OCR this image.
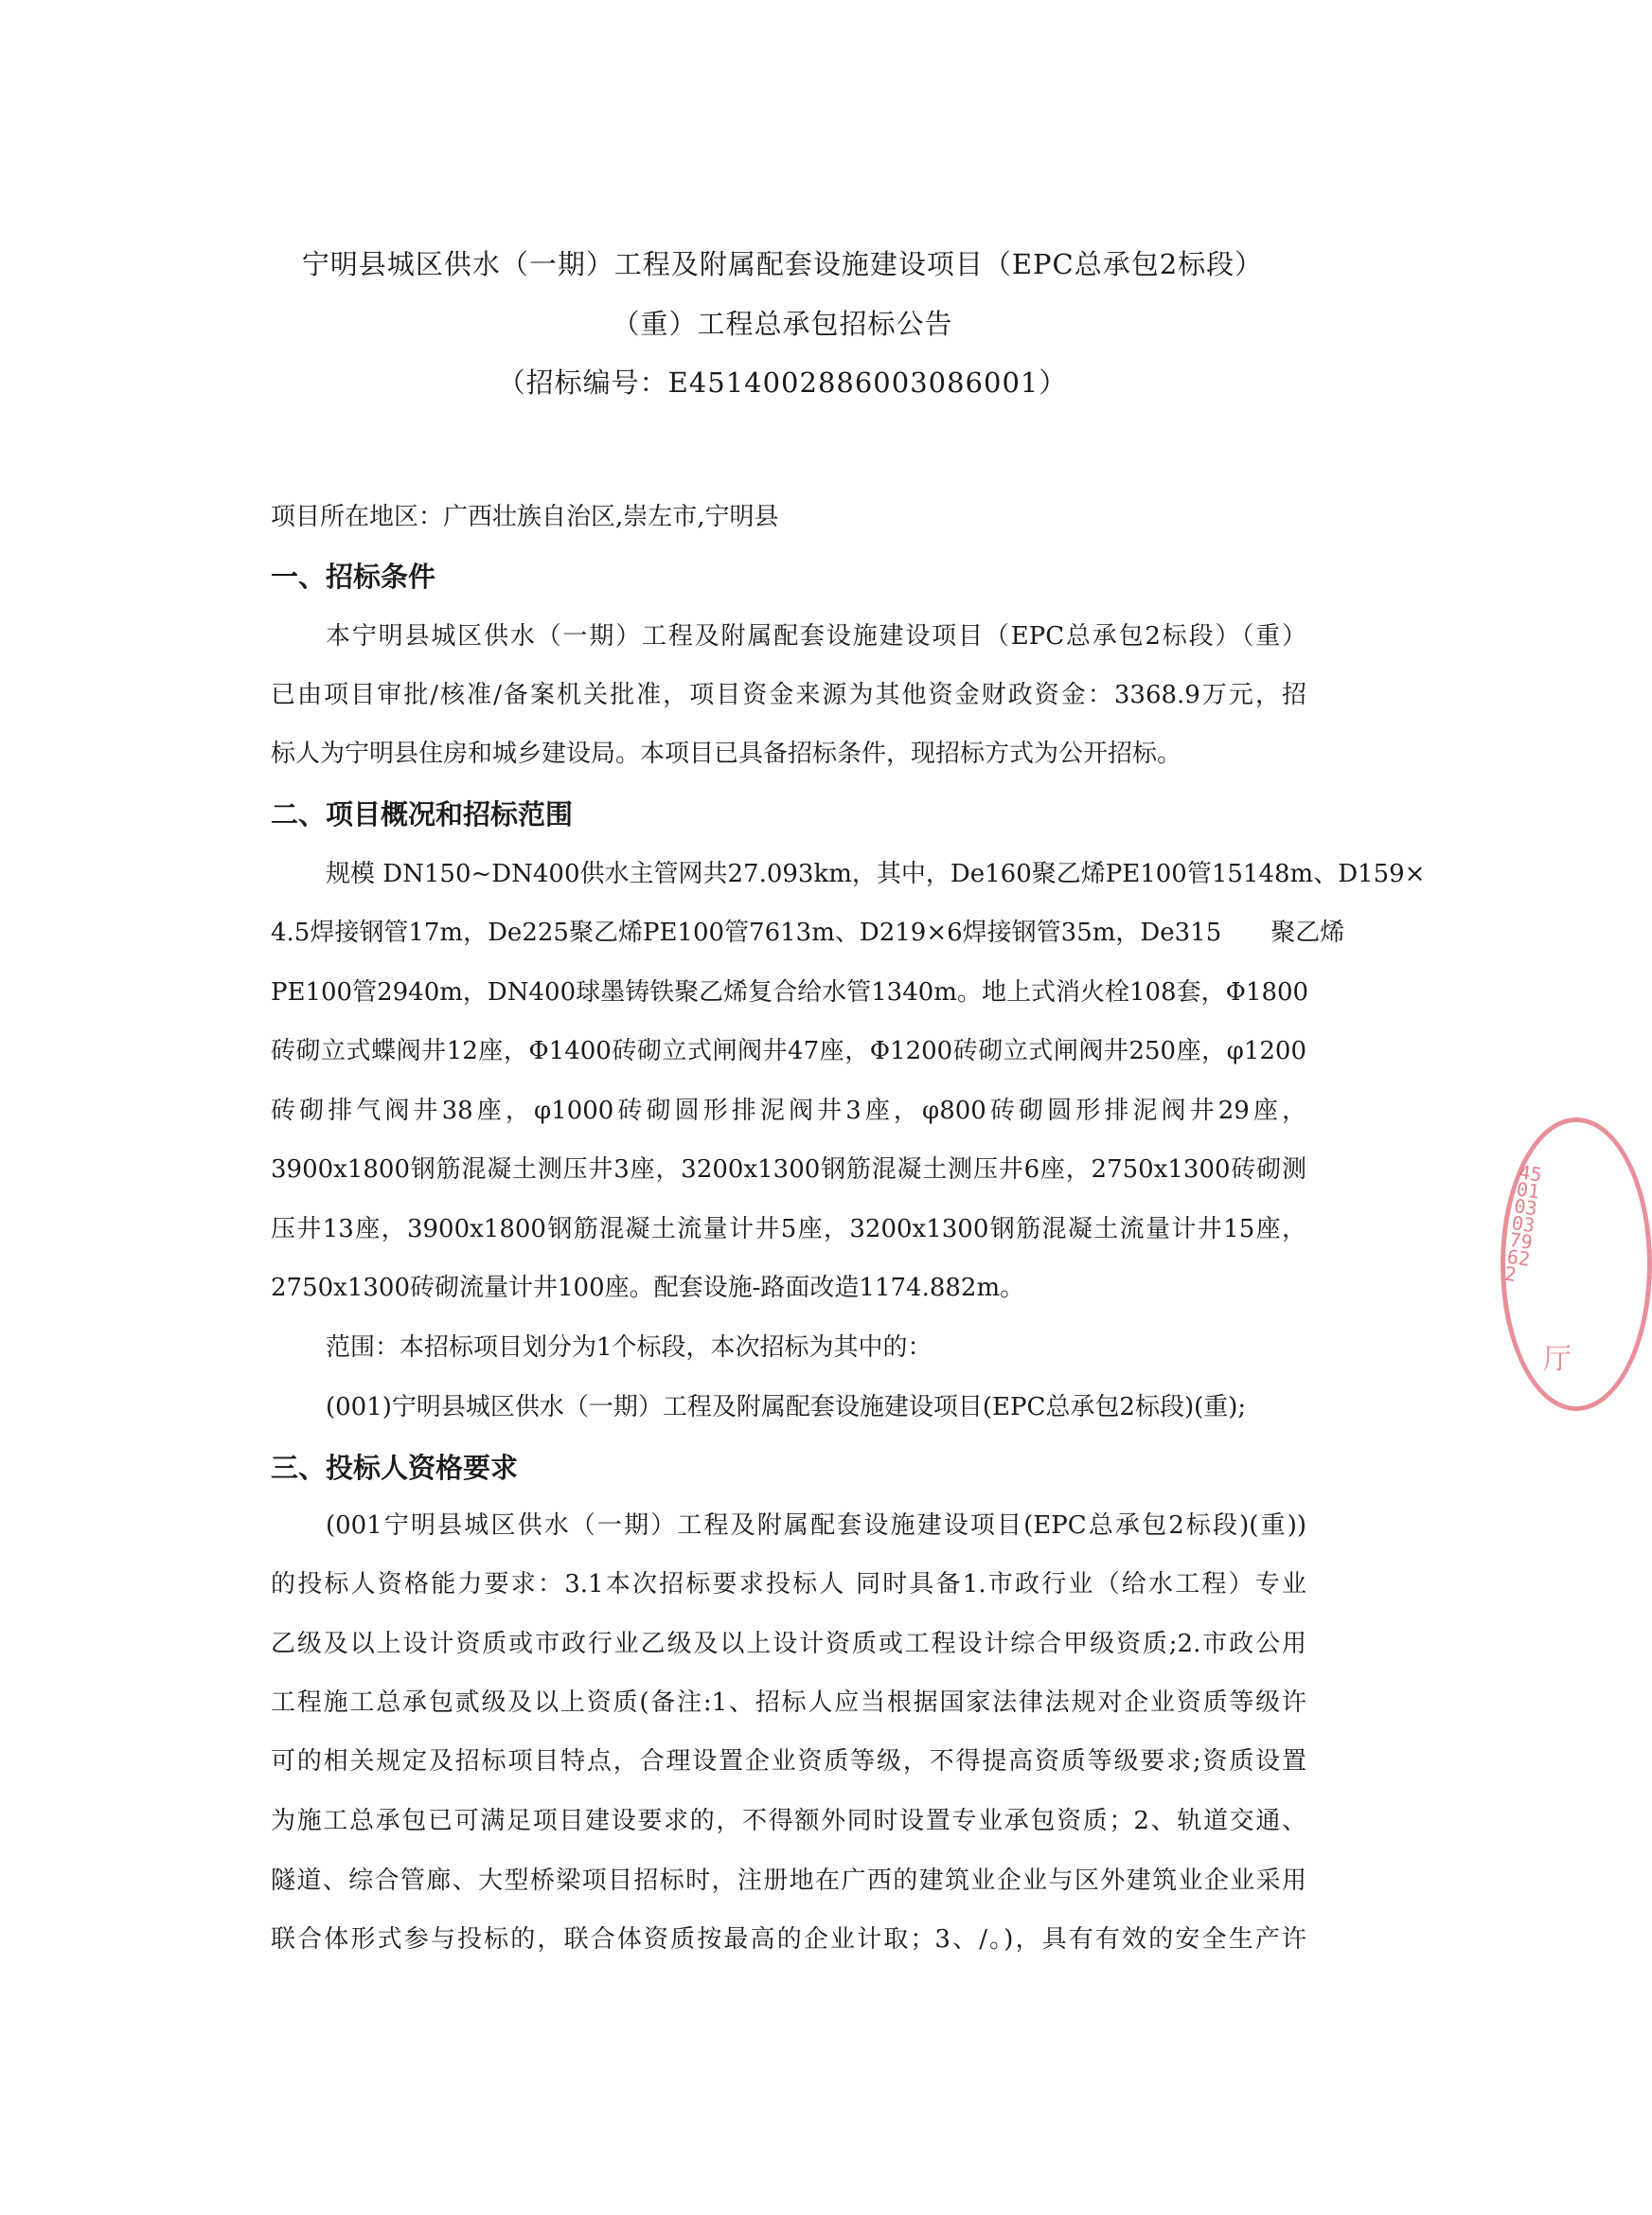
宁明县城区供水（一期）工程及附属配套设施建设项目（EPC总承包2标段）
（重）工程总承包招标公告
（招标编号：E4514002886003086001）
项目所在地区：广西壮族自治区,崇左市,宁明县
一、招标条件
本宁明县城区供水（一期）工程及附属配套设施建设项目（EPC总承包2标段）（重）
已由项目审批/核准/备案机关批准，项目资金来源为其他资金财政资金：3368.9万元，招
标人为宁明县住房和城乡建设局。本项目已具备招标条件，现招标方式为公开招标。
二、项目概况和招标范围
规模 DN150~DN400供水主管网共27.093km，其中，De160聚乙烯PE100管15148m、D159×
4.5焊接钢管17m，De225聚乙烯PE100管7613m、D219×6焊接钢管35m，De315　　聚乙烯
PE100管2940m，DN400球墨铸铁聚乙烯复合给水管1340m。地上式消火栓108套，Φ1800
砖砌立式蝶阀井12座，Φ1400砖砌立式闸阀井47座，Φ1200砖砌立式闸阀井250座，φ1200
砖砌排气阀井38座，φ1000砖砌圆形排泥阀井3座，φ800砖砌圆形排泥阀井29座，
3900x1800钢筋混凝土测压井3座，3200x1300钢筋混凝土测压井6座，2750x1300砖砌测
压井13座，3900x1800钢筋混凝土流量计井5座，3200x1300钢筋混凝土流量计井15座，
2750x1300砖砌流量计井100座。配套设施-路面改造1174.882m。
范围：本招标项目划分为1个标段，本次招标为其中的：
(001)宁明县城区供水（一期）工程及附属配套设施建设项目(EPC总承包2标段)(重);
三、投标人资格要求
(001宁明县城区供水（一期）工程及附属配套设施建设项目(EPC总承包2标段)(重))
的投标人资格能力要求：3.1本次招标要求投标人 同时具备1.市政行业（给水工程）专业
乙级及以上设计资质或市政行业乙级及以上设计资质或工程设计综合甲级资质;2.市政公用
工程施工总承包贰级及以上资质(备注:1、招标人应当根据国家法律法规对企业资质等级许
可的相关规定及招标项目特点，合理设置企业资质等级，不得提高资质等级要求;资质设置
为施工总承包已可满足项目建设要求的，不得额外同时设置专业承包资质；2、轨道交通、
隧道、综合管廊、大型桥梁项目招标时，注册地在广西的建筑业企业与区外建筑业企业采用
联合体形式参与投标的，联合体资质按最高的企业计取；3、/。)，具有有效的安全生产许
4501030379622
厅
